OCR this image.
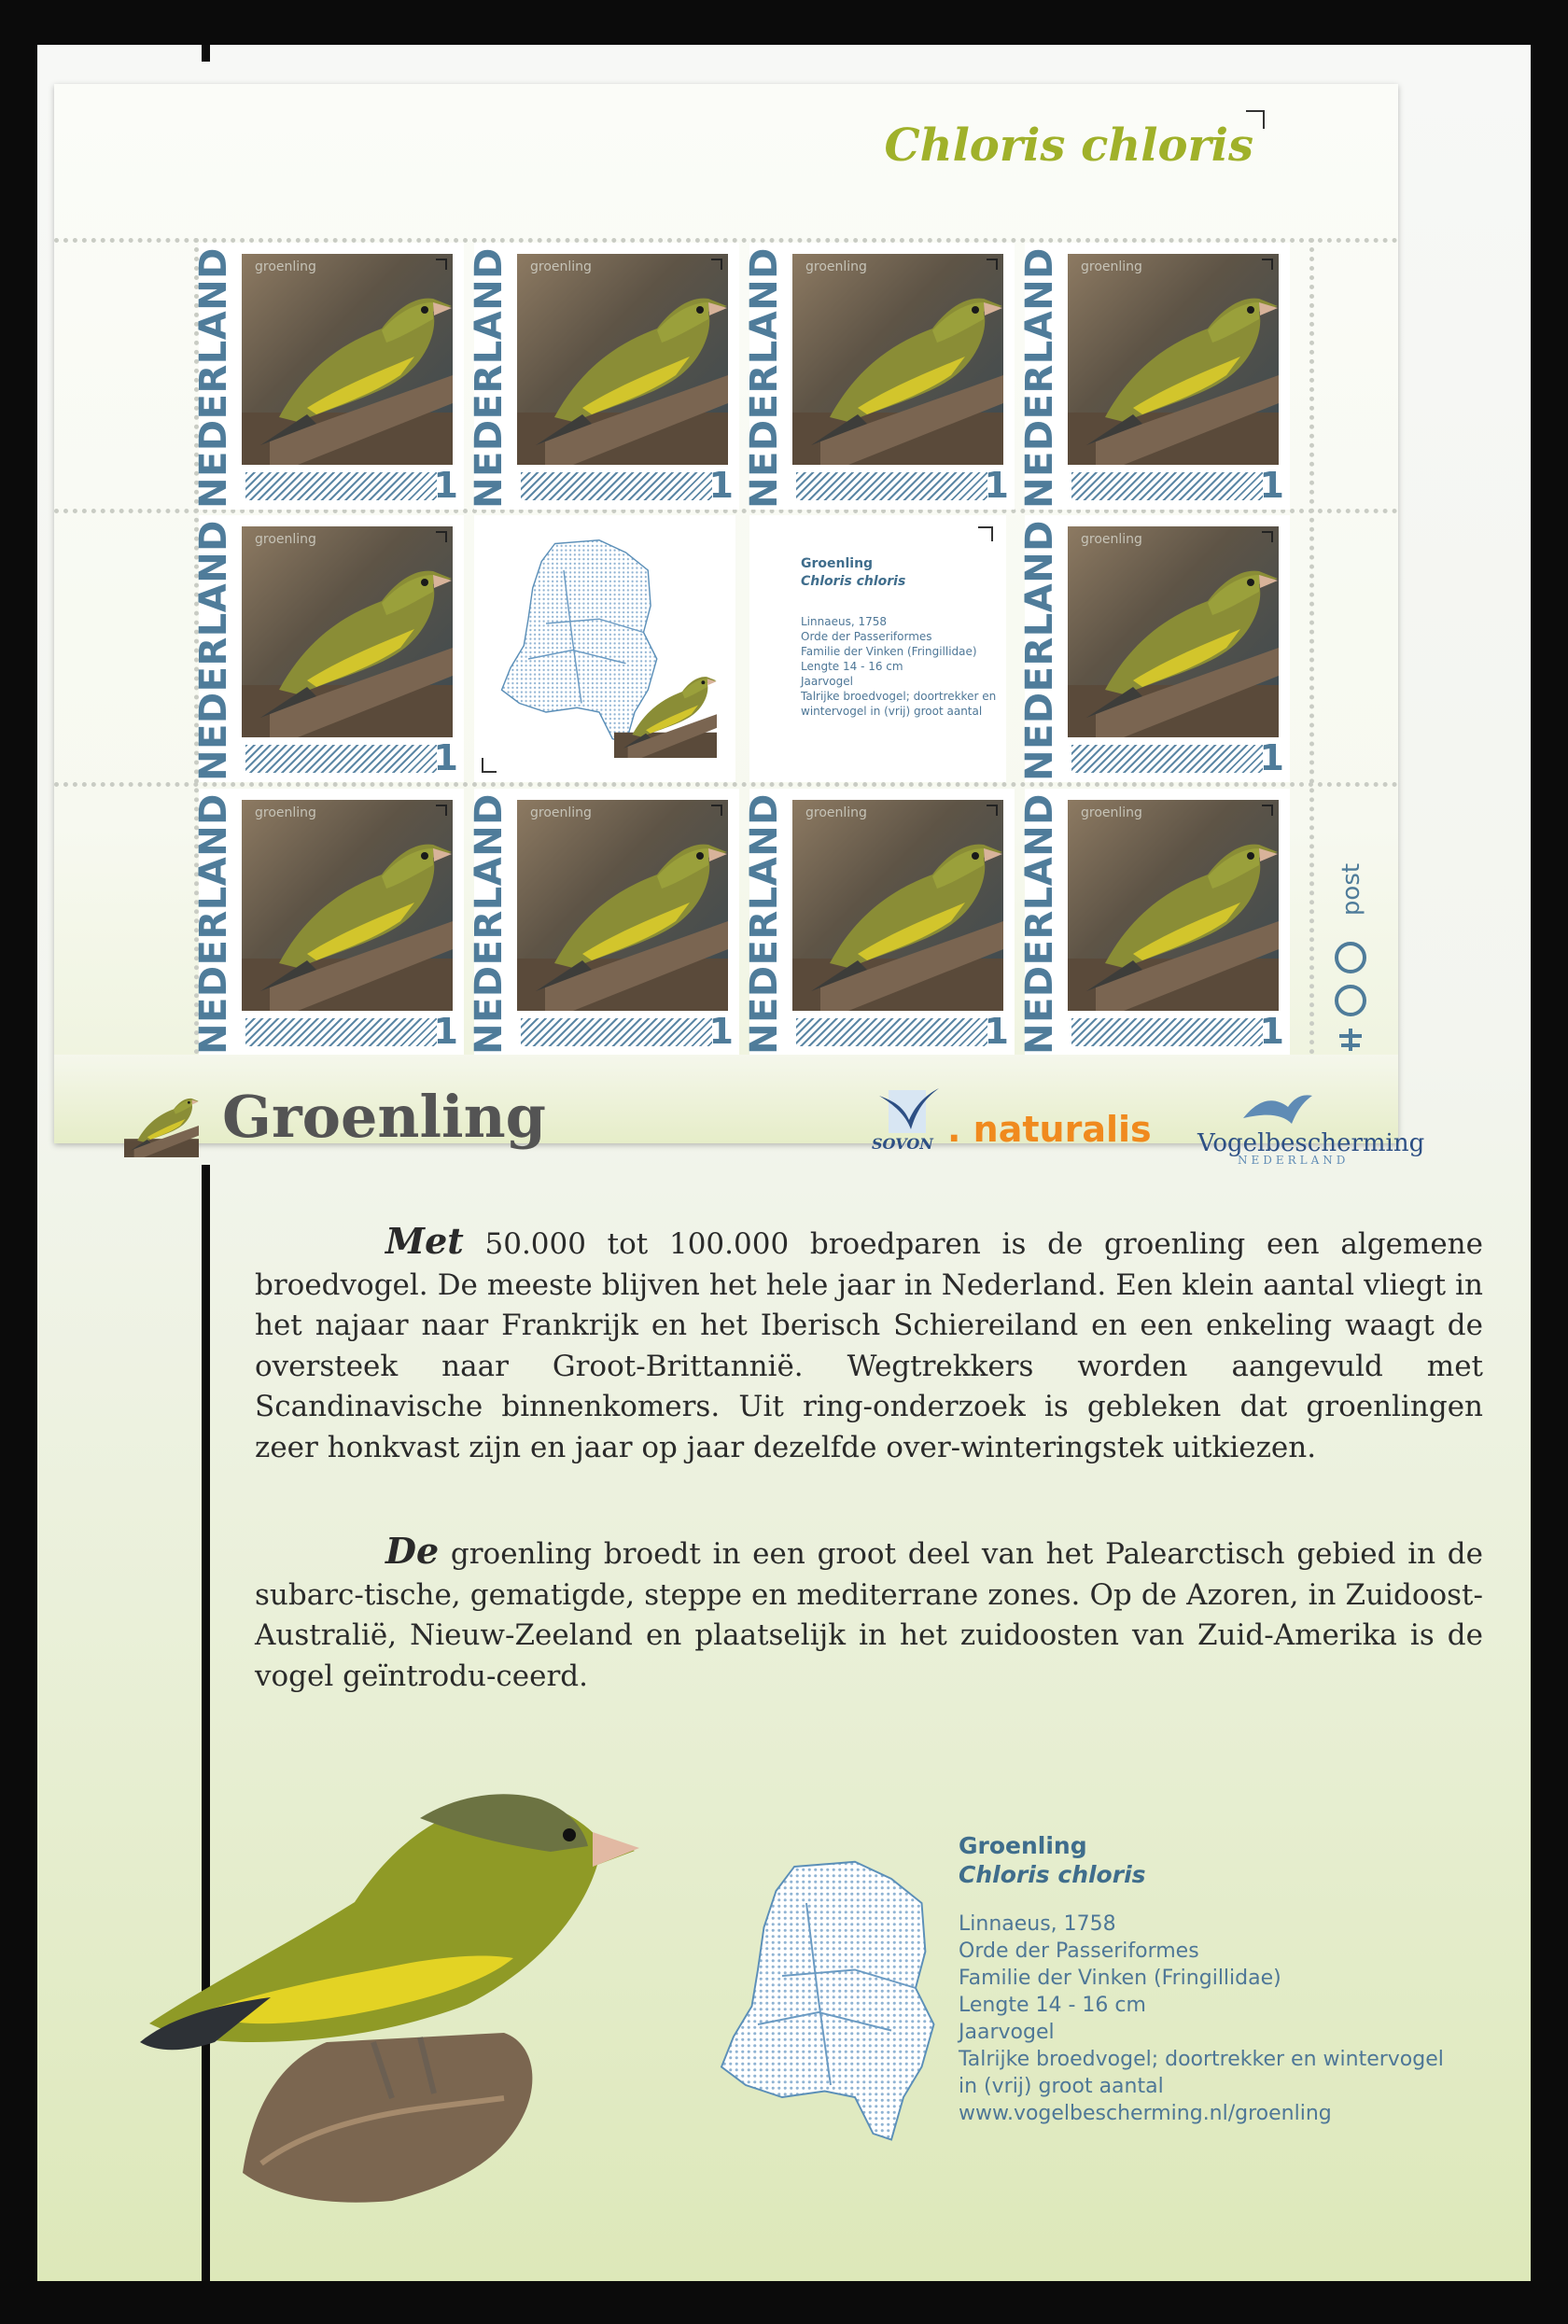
Chloris chloris
groenling
NEDERLAND	1
groenling
NEDERLAND	1
groenling
NEDERLAND	1
groenling
NEDERLAND	1
groenling
NEDERLAND	1
Groenling
Chloris chloris
Linnaeus, 1758
Orde der Passeriformes
Familie der Vinken (Fringillidae)
Lengte 14 - 16 cm
Jaarvogel
Talrijke broedvogel; doortrekker en
wintervogel in (vrij) groot aantal
groenling
NEDERLAND	1
groenling
NEDERLAND	1
groenling
NEDERLAND	1
groenling
NEDERLAND	1
groenling
NEDERLAND	1
post
Groenling	SOVON . naturalis Vogelbescherming
NEDERLAND
Met 50.000 tot 100.000 broedparen is de groenling een algemene broedvogel. De meeste blijven het hele jaar in Nederland. Een klein aantal vliegt in het najaar naar Frankrijk en het Iberisch Schiereiland en een enkeling waagt de oversteek naar Groot-Brittannië. Wegtrekkers worden aangevuld met Scandinavische binnenkomers. Uit ring-onderzoek is gebleken dat groenlingen zeer honkvast zijn en jaar op jaar dezelfde over-winteringstek uitkiezen.
De groenling broedt in een groot deel van het Palearctisch gebied in de subarc-tische, gematigde, steppe en mediterrane zones. Op de Azoren, in Zuidoost-Australië, Nieuw-Zeeland en plaatselijk in het zuidoosten van Zuid-Amerika is de vogel geïntrodu-ceerd.
Groenling
Chloris chloris
Linnaeus, 1758
Orde der Passeriformes
Familie der Vinken (Fringillidae)
Lengte 14 - 16 cm
Jaarvogel
Talrijke broedvogel; doortrekker en wintervogel
in (vrij) groot aantal
www.vogelbescherming.nl/groenling
